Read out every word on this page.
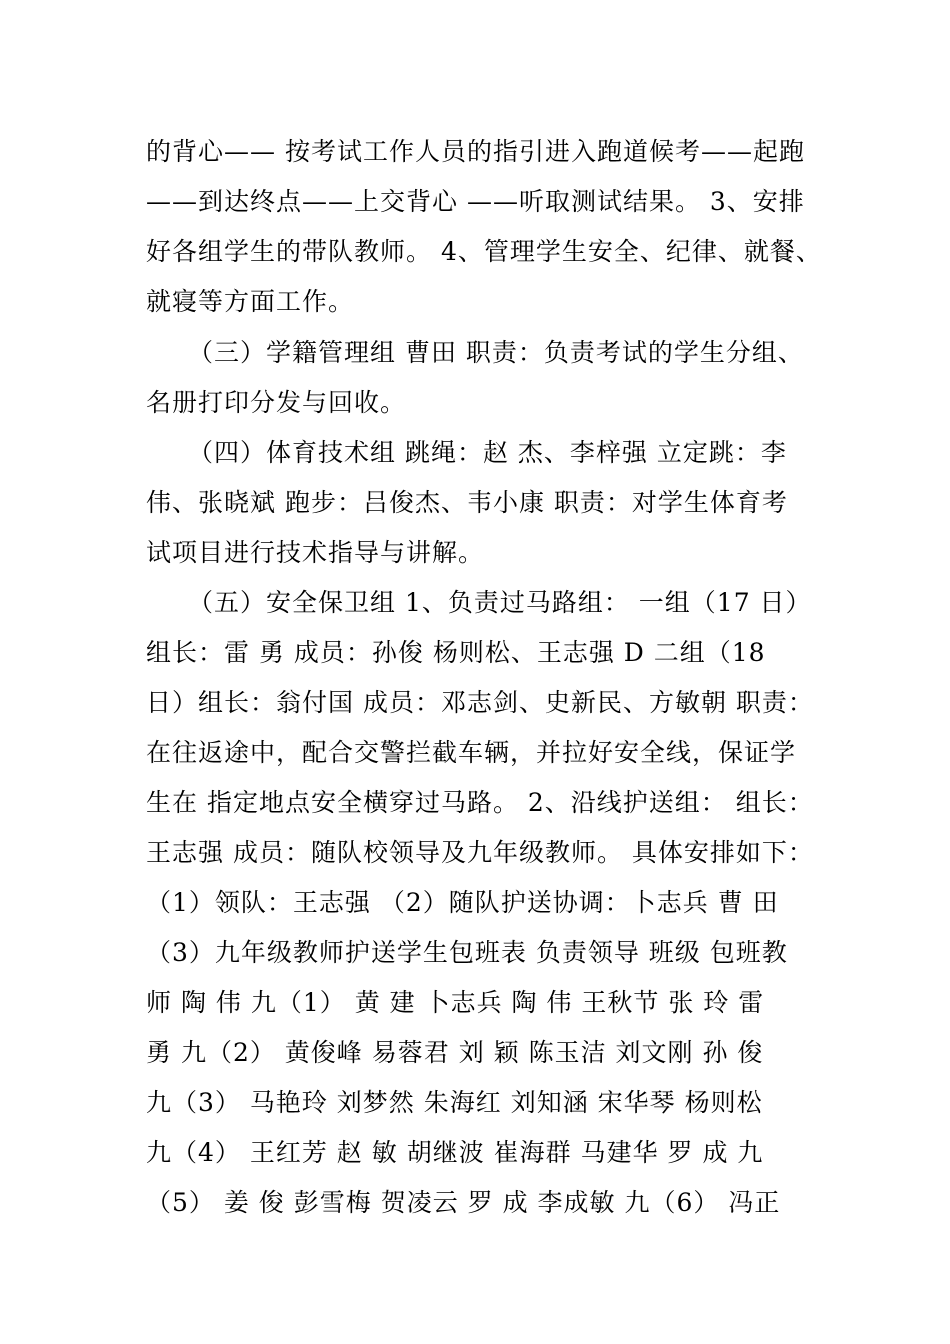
的背心—— 按考试工作人员的指引进入跑道候考——起跑
——到达终点——上交背心 ——听取测试结果。 3、安排
好各组学生的带队教师。 4、管理学生安全、纪律、就餐、
就寝等方面工作。
（三）学籍管理组 曹田 职责：负责考试的学生分组、
名册打印分发与回收。
（四）体育技术组 跳绳：赵 杰、李梓强 立定跳：李
伟、张晓斌 跑步：吕俊杰、韦小康 职责：对学生体育考
试项目进行技术指导与讲解。
（五）安全保卫组 1、负责过马路组： 一组（17 日）
组长：雷 勇 成员：孙俊 杨则松、王志强 D 二组（18
日）组长：翁付国 成员：邓志剑、史新民、方敏朝 职责：
在往返途中，配合交警拦截车辆，并拉好安全线，保证学
生在 指定地点安全横穿过马路。 2、沿线护送组： 组长：
王志强 成员：随队校领导及九年级教师。 具体安排如下：
（1）领队：王志强 （2）随队护送协调：卜志兵 曹 田
（3）九年级教师护送学生包班表 负责领导 班级 包班教
师 陶 伟 九（1） 黄 建 卜志兵 陶 伟 王秋节 张 玲 雷
勇 九（2） 黄俊峰 易蓉君 刘 颖 陈玉洁 刘文刚 孙 俊
九（3） 马艳玲 刘梦然 朱海红 刘知涵 宋华琴 杨则松
九（4） 王红芳 赵 敏 胡继波 崔海群 马建华 罗 成 九
（5） 姜 俊 彭雪梅 贺凌云 罗 成 李成敏 九（6） 冯正
